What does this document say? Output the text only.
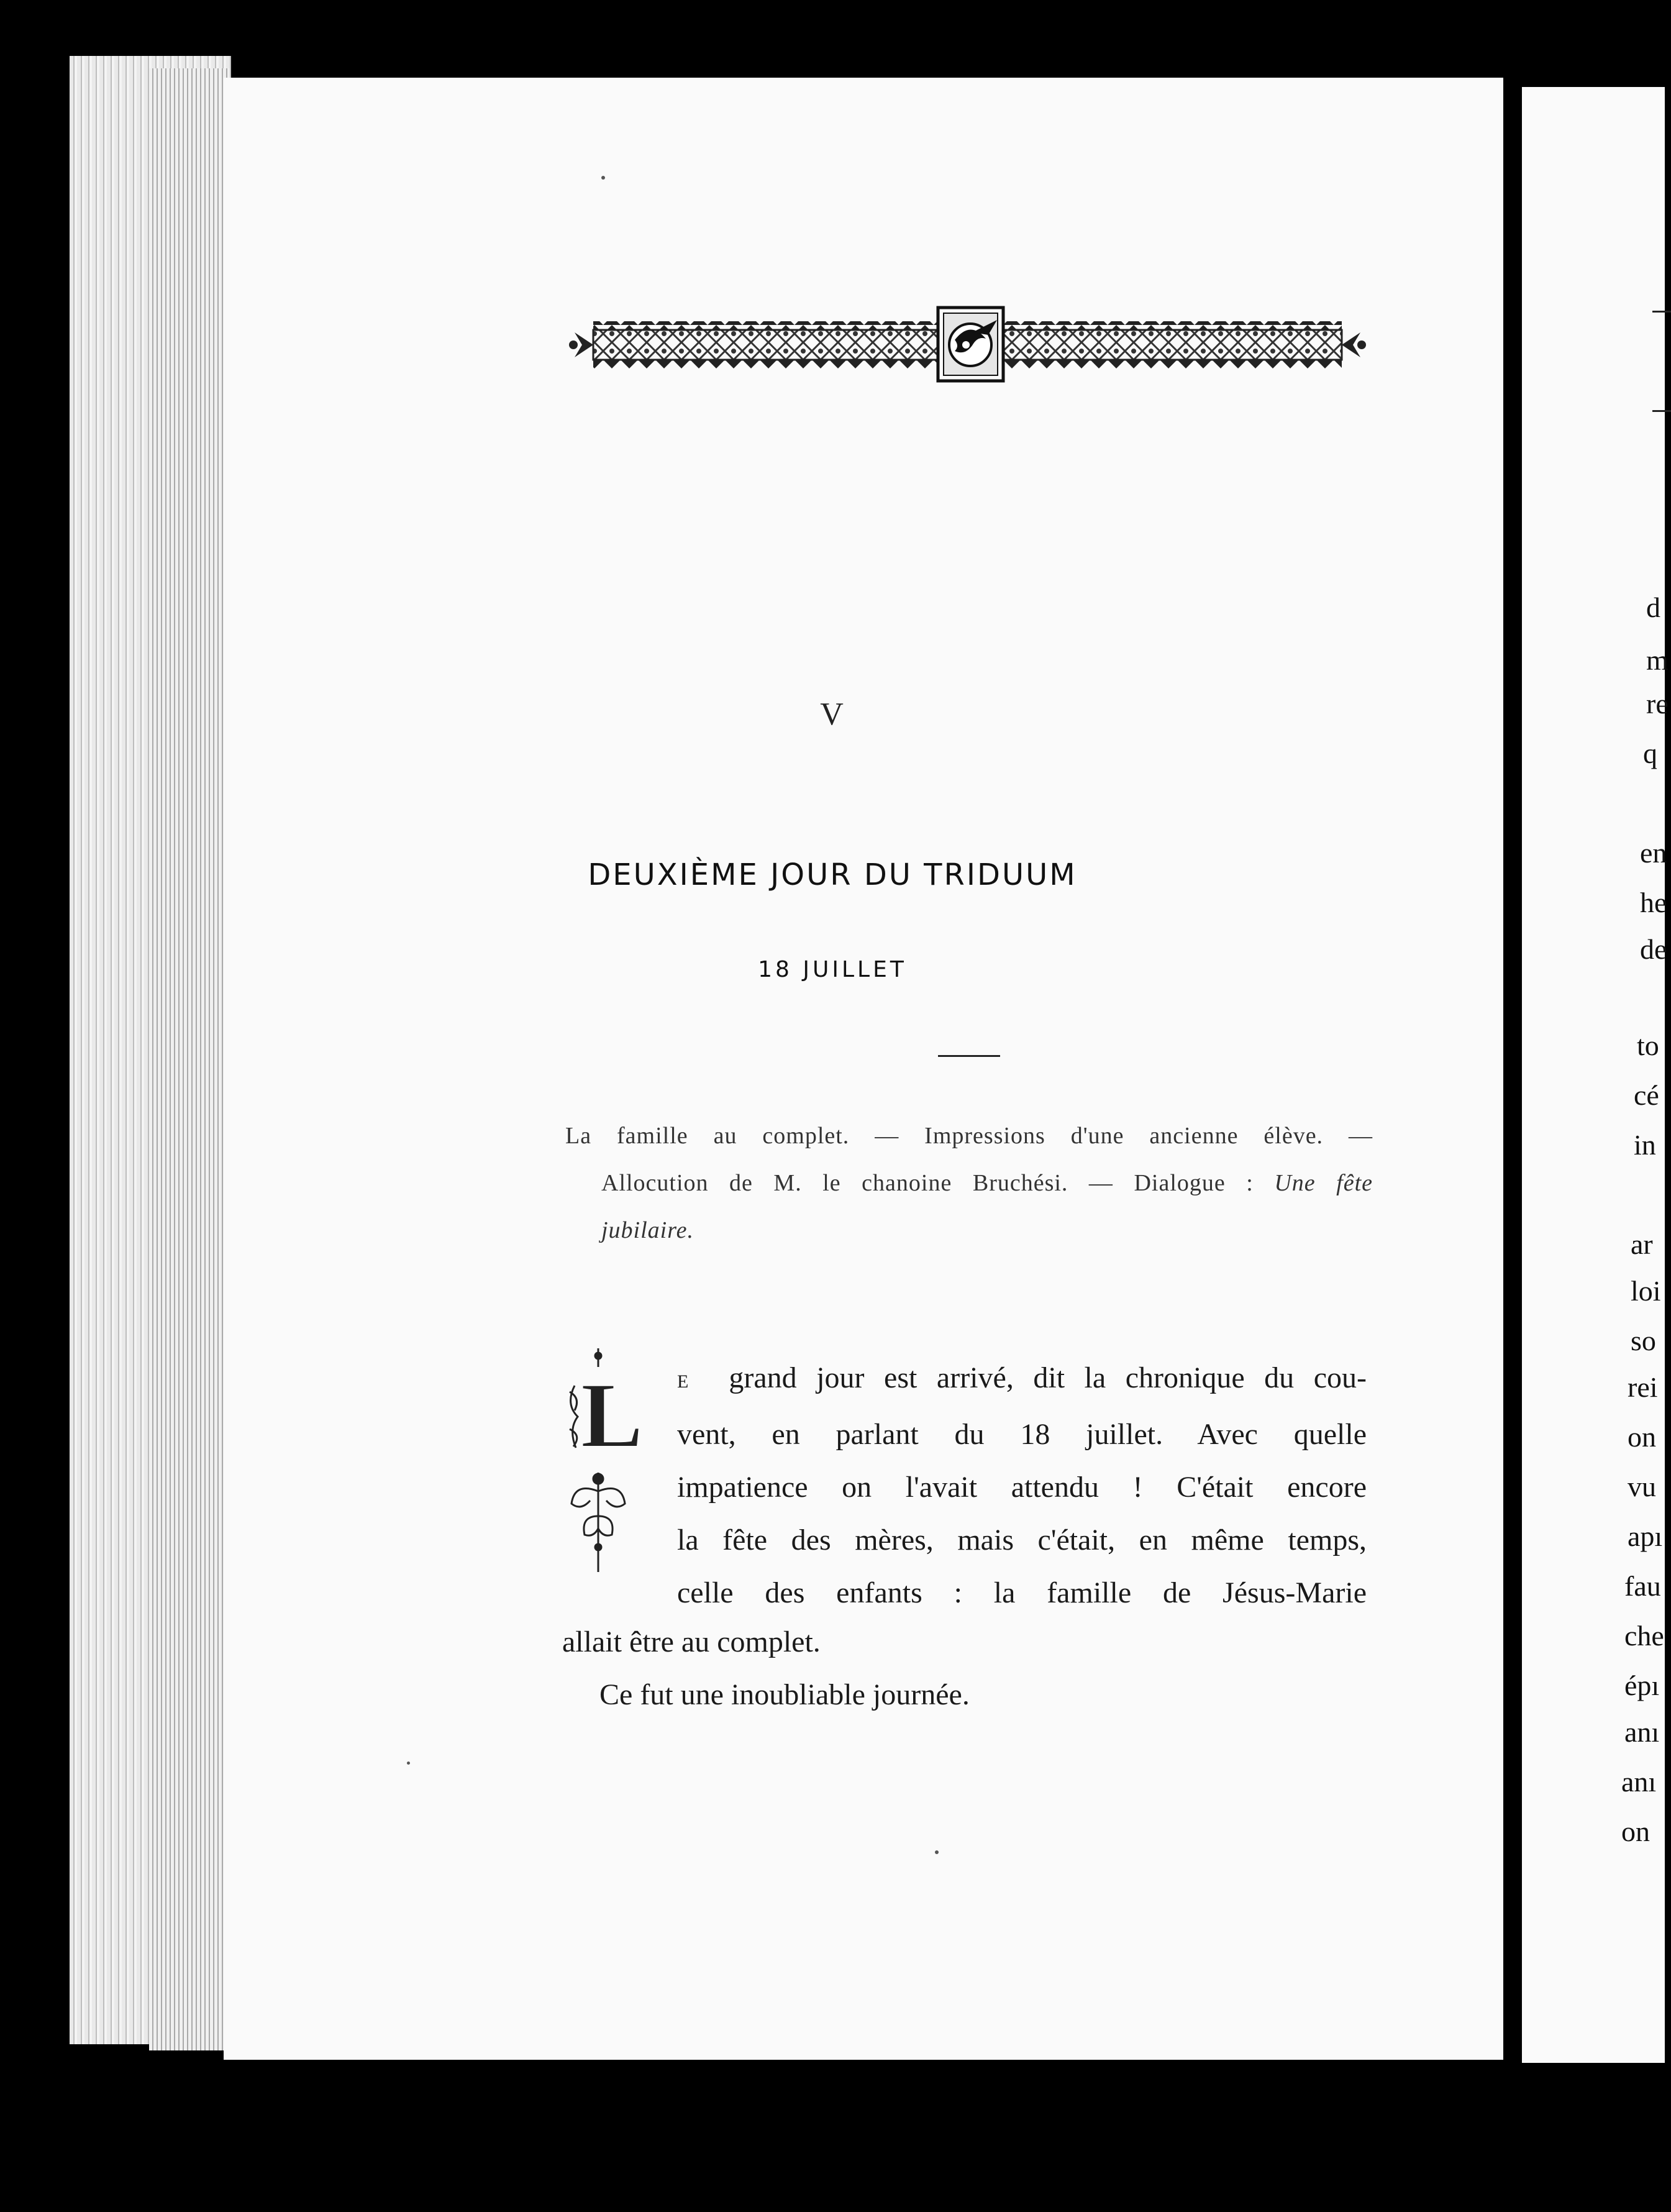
d
m
re
q
en
he
de
to
cé
in
ar
loi
so
rei
on
vu
apı
fau
che
épı
anı
anı
on
V
DEUXIÈME JOUR DU TRIDUUM
18 JUILLET
La famille au complet. — Impressions d'une ancienne élève. —
Allocution de M. le chanoine Bruchési. — Dialogue : Une fête
jubilaire.
L E grand jour est arrivé, dit la chronique du cou-
vent, en parlant du 18 juillet. Avec quelle
impatience on l'avait attendu ! C'était encore
la fête des mères, mais c'était, en même temps,
celle des enfants : la famille de Jésus-Marie
allait être au complet.
Ce fut une inoubliable journée.
